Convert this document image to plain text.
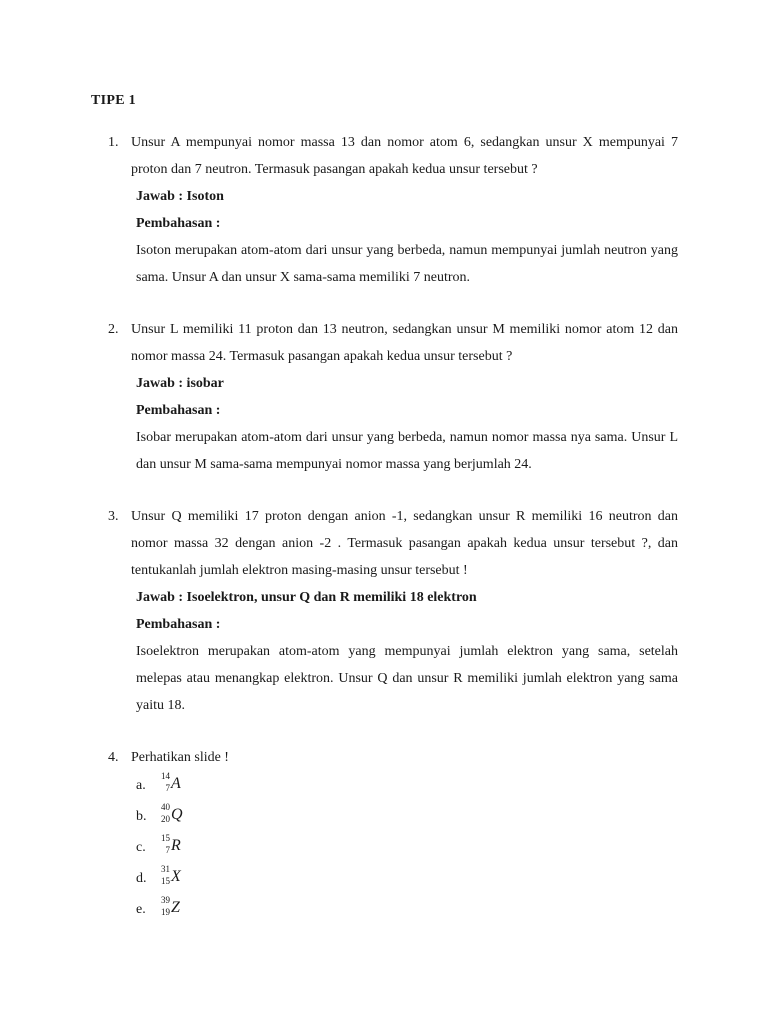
TIPE 1
1. Unsur A mempunyai nomor massa 13 dan nomor atom 6, sedangkan unsur X mempunyai 7 proton dan 7 neutron. Termasuk pasangan apakah kedua unsur tersebut ?
Jawab : Isoton
Pembahasan :
Isoton merupakan atom-atom dari unsur yang berbeda, namun mempunyai jumlah neutron yang sama. Unsur A dan unsur X sama-sama memiliki 7 neutron.
2. Unsur L memiliki 11 proton dan 13 neutron, sedangkan unsur M memiliki nomor atom 12 dan nomor massa 24. Termasuk pasangan apakah kedua unsur tersebut ?
Jawab : isobar
Pembahasan :
Isobar merupakan atom-atom dari unsur yang berbeda, namun nomor massa nya sama. Unsur L dan unsur M sama-sama mempunyai nomor massa yang berjumlah 24.
3. Unsur Q memiliki 17 proton dengan anion -1, sedangkan unsur R memiliki 16 neutron dan nomor massa 32 dengan anion -2 . Termasuk pasangan apakah kedua unsur tersebut ?, dan tentukanlah jumlah elektron masing-masing unsur tersebut !
Jawab : Isoelektron, unsur Q dan R memiliki 18 elektron
Pembahasan :
Isoelektron merupakan atom-atom yang mempunyai jumlah elektron yang sama, setelah melepas atau menangkap elektron. Unsur Q dan unsur R memiliki jumlah elektron yang sama yaitu 18.
4. Perhatikan slide !
a.
14
7 A
b.
40
20 Q
c.
15
7 R
d.
31
15 X
e.
39
19 Z
